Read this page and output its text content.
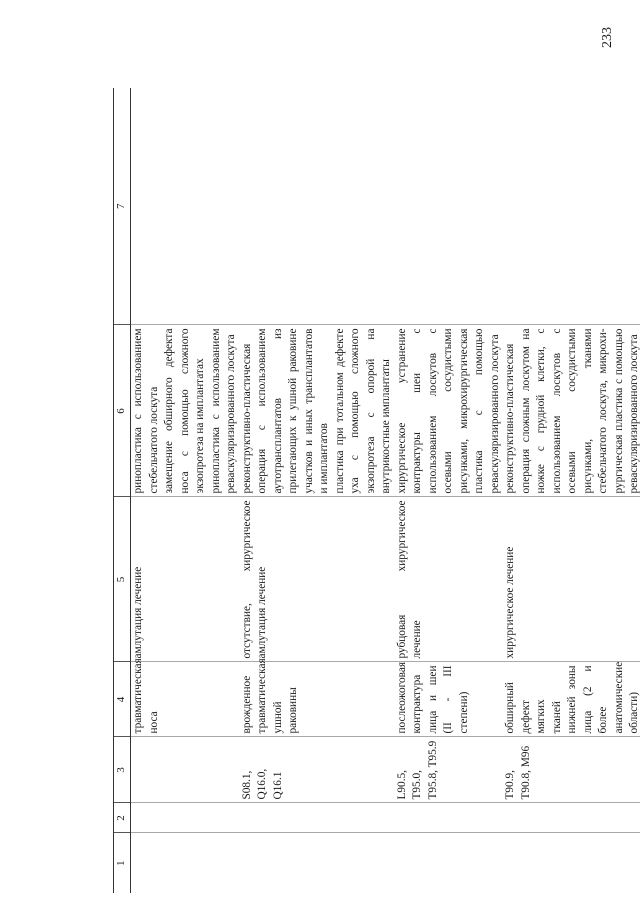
233
1	2	3	4	5	6	7
			травматическая носа	амлутация лечение	ринопластика с использованием стебельчатого лоскута замещение обширного дефекта носа с помощью сложного экзопротеза на имплантатах ринопластика с использованием реваскуляризированного лоскута	
		S08.1, Q16.0, Q16.1	врожденное травматическая ушной раковины	отсутствие, хирургическое амлутация лечение	реконструктивно-пластическая операция с использованием аутотрансплантатов из прилегающих к ушной раковине участков и иных трансплантатов и имплантатов пластика при тотальном дефекте уха с помощью сложного экзопротеза с опорой на внутрикостные имплантаты	
		L90.5, T95.0, T95.8, T95.9	послеожоговая контрактура лица и шеи (II - III степени)	рубцовая хирургическое лечение	хирургическое устранение контрактуры шеи с использованием лоскутов с осевыми сосудистыми рисунками, микрохирургическая пластика с помощью реваскуляризированного лоскута	
		T90.9, T90.8, M96	обширный дефект мягких тканей нижней зоны лица (2 и более анатомические области)	хирургическое лечение	реконструктивно-пластическая операция сложным лоскутом на ножке с грудной клетки, с использованием лоскутов с осевыми сосудистыми рисунками, тканями стебельчатого лоскута, микрохи-рургическая пластика с помощью реваскуляризированного лоскута	
